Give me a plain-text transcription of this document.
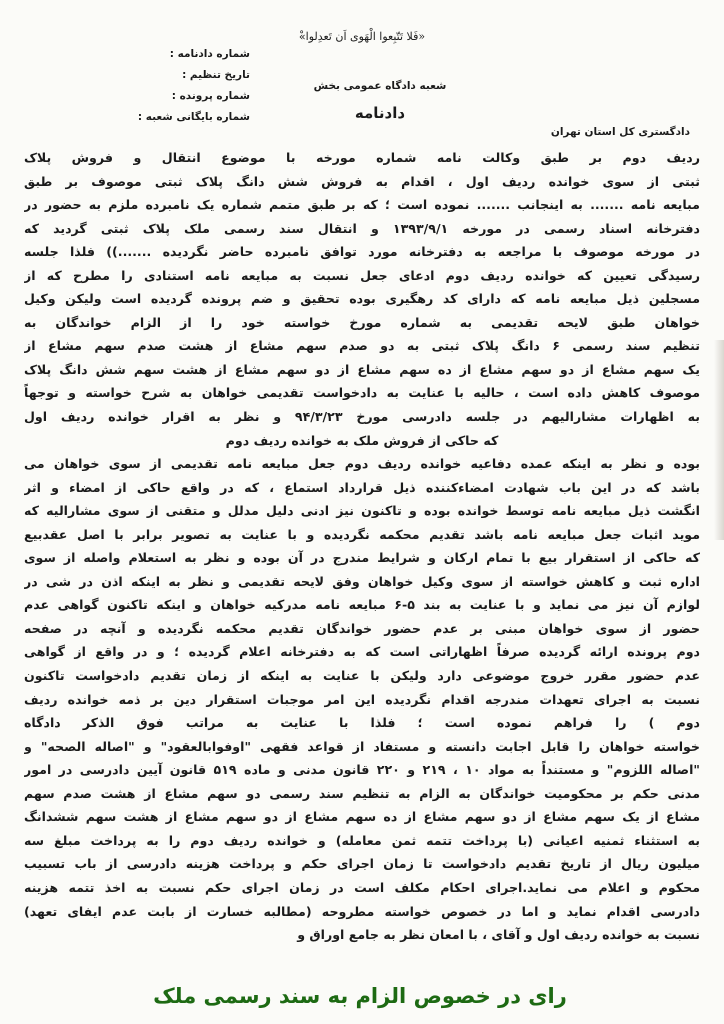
«ْفَلا تَتّبِعوا الْهَوی اَن تَعدِلوا»
شماره دادنامه :
تاریخ تنظیم :
شماره پرونده :
شماره بایگانی شعبه :
شعبه دادگاه عمومی بخش
دادنامه
دادگستری کل استان تهران
ردیف دوم بر طبق وکالت نامه شماره مورخه با موضوع انتقال و فروش پلاک
ثبتی از سوی خوانده ردیف اول ، اقدام به فروش شش دانگ پلاک ثبتی موصوف بر طبق
مبایعه نامه ....... به اینجانب ....... نموده است ؛ که بر طبق متمم شماره یک نامبرده ملزم به حضور در
دفترخانه اسناد رسمی در مورخه ۱۳۹۳/۹/۱ و انتقال سند رسمی ملک پلاک ثبتی گردید که
در مورخه موصوف با مراجعه به دفترخانه مورد توافق نامبرده حاضر نگردیده .......)) فلذا جلسه
رسیدگی تعیین که خوانده ردیف دوم ادعای جعل نسبت به مبایعه نامه استنادی را مطرح که از
مسجلین ذیل مبایعه نامه که دارای کد رهگیری بوده تحقیق و ضم پرونده گردیده است ولیکن وکیل
خواهان طبق لایحه تقدیمی به شماره مورخ خواسته خود را از الزام خواندگان به
تنظیم سند رسمی ۶ دانگ پلاک ثبتی به دو صدم سهم مشاع از هشت صدم سهم مشاع از
یک سهم مشاع از دو سهم مشاع از ده سهم مشاع از دو سهم مشاع از هشت سهم شش دانگ پلاک
موصوف کاهش داده است ، حالیه با عنایت به دادخواست تقدیمی خواهان به شرح خواسته و توجهاً
به اظهارات مشارالیهم در جلسه دادرسی مورخ ۹۴/۳/۲۳ و نظر به اقرار خوانده ردیف اول
که حاکی از فروش ملک به خوانده ردیف دوم
بوده و نظر به اینکه عمده دفاعیه خوانده ردیف دوم جعل مبایعه نامه تقدیمی از سوی خواهان می
باشد که در این باب شهادت امضاءکننده ذیل قرارداد استماع ، که در واقع حاکی از امضاء و اثر
انگشت ذیل مبایعه نامه توسط خوانده بوده و تاکنون نیز ادنی دلیل مدلل و متقنی از سوی مشارالیه که
موید اثبات جعل مبایعه نامه باشد تقدیم محکمه نگردیده و با عنایت به تصویر برابر با اصل عقدبیع
که حاکی از استقرار بیع با تمام ارکان و شرایط مندرج در آن بوده و نظر به استعلام واصله از سوی
اداره ثبت و کاهش خواسته از سوی وکیل خواهان وفق لایحه تقدیمی و نظر به اینکه اذن در شی در
لوازم آن نیز می نماید و با عنایت به بند ۵-۶ مبایعه نامه مدرکیه خواهان و اینکه تاکنون گواهی عدم
حضور از سوی خواهان مبنی بر عدم حضور خواندگان تقدیم محکمه نگردیده و آنچه در صفحه
دوم پرونده ارائه گردیده صرفاً اظهاراتی است که به دفترخانه اعلام گردیده ؛ و در واقع از گواهی
عدم حضور مقرر خروج موضوعی دارد ولیکن با عنایت به اینکه از زمان تقدیم دادخواست تاکنون
نسبت به اجرای تعهدات مندرجه اقدام نگردیده این امر موجبات استقرار دین بر ذمه خوانده ردیف
دوم ) را فراهم نموده است ؛ فلذا با عنایت به مراتب فوق الذکر دادگاه
خواسته خواهان را قابل اجابت دانسته و مستفاد از قواعد فقهی "اوفوابالعقود" و "اصاله الصحه" و
"اصاله اللزوم" و مستنداً به مواد ۱۰ ، ۲۱۹ و ۲۲۰ قانون مدنی و ماده ۵۱۹ قانون آیین دادرسی در امور
مدنی حکم بر محکومیت خواندگان به الزام به تنظیم سند رسمی دو سهم مشاع از هشت صدم سهم
مشاع از یک سهم مشاع از دو سهم مشاع از ده سهم مشاع از دو سهم مشاع از هشت سهم ششدانگ
به استثناء ثمنیه اعیانی (با پرداخت تتمه ثمن معامله) و خوانده ردیف دوم را به پرداخت مبلغ سه
میلیون ریال از تاریخ تقدیم دادخواست تا زمان اجرای حکم و پرداخت هزینه دادرسی از باب تسبیب
محکوم و اعلام می نماید.اجرای احکام مکلف است در زمان اجرای حکم نسبت به اخذ تتمه هزینه
دادرسی اقدام نماید و اما در خصوص خواسته مطروحه (مطالبه خسارت از بابت عدم ایفای تعهد)
نسبت به خوانده ردیف اول و آقای ، با امعان نظر به جامع اوراق و
رای در خصوص الزام به سند رسمی ملک
